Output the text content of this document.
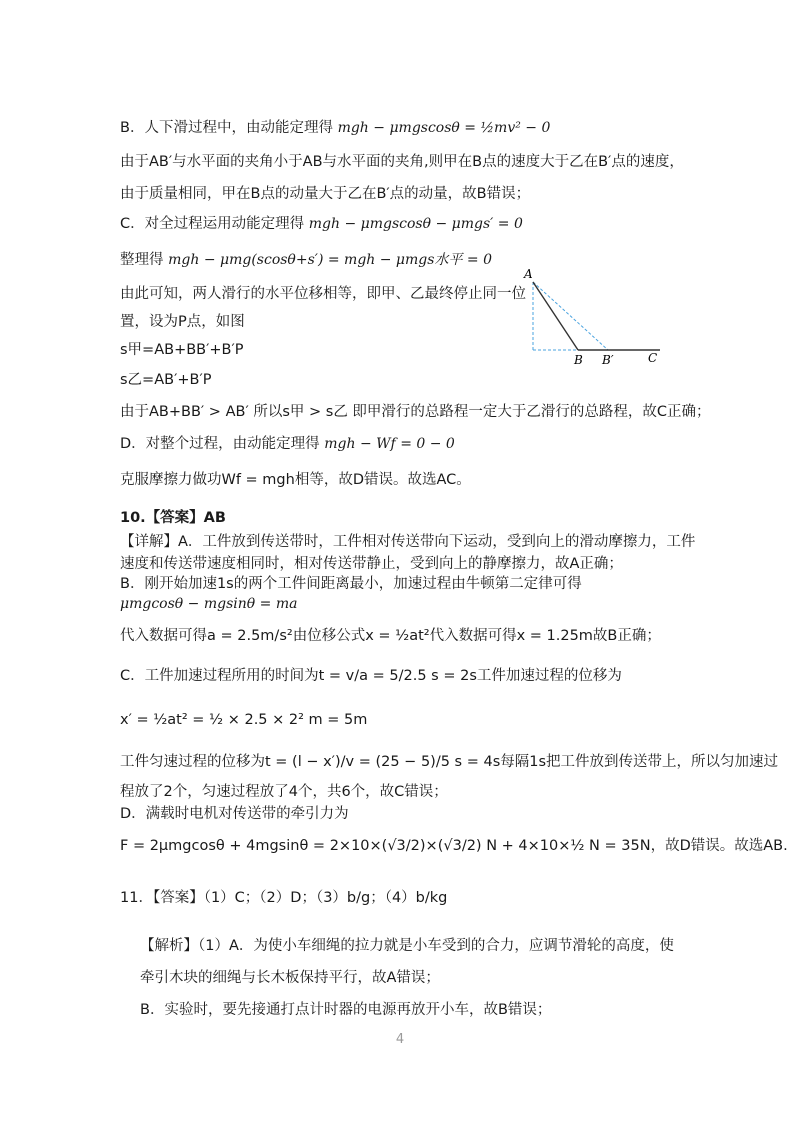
B．人下滑过程中，由动能定理得 mgh − μmgscosθ = ½mv² − 0
由于AB′与水平面的夹角小于AB与水平面的夹角,则甲在B点的速度大于乙在B′点的速度，
由于质量相同，甲在B点的动量大于乙在B′点的动量，故B错误；
C．对全过程运用动能定理得 mgh − μmgscosθ − μmgs′ = 0
整理得 mgh − μmg(scosθ+s′) = mgh − μmgs水平 = 0
由此可知，两人滑行的水平位移相等，即甲、乙最终停止同一位
置，设为P点，如图
s甲=AB+BB′+B′P
s乙=AB′+B′P
由于AB+BB′ > AB′ 所以s甲 > s乙 即甲滑行的总路程一定大于乙滑行的总路程，故C正确；
D．对整个过程，由动能定理得 mgh − Wf = 0 − 0
克服摩擦力做功Wf = mgh相等，故D错误。故选AC。
10.【答案】AB
【详解】A．工件放到传送带时，工件相对传送带向下运动，受到向上的滑动摩擦力，工件
速度和传送带速度相同时，相对传送带静止，受到向上的静摩擦力，故A正确；
B．刚开始加速1s的两个工件间距离最小，加速过程由牛顿第二定律可得
μmgcosθ − mgsinθ = ma
代入数据可得a = 2.5m/s²由位移公式x = ½at²代入数据可得x = 1.25m故B正确；
C．工件加速过程所用的时间为t = v/a = 5/2.5 s = 2s工件加速过程的位移为
x′ = ½at² = ½ × 2.5 × 2² m = 5m
工件匀速过程的位移为t = (l − x′)/v = (25 − 5)/5 s = 4s每隔1s把工件放到传送带上，所以匀加速过
程放了2个，匀速过程放了4个，共6个，故C错误；
D．满载时电机对传送带的牵引力为
F = 2μmgcosθ + 4mgsinθ = 2×10×(√3/2)×(√3/2) N + 4×10×½ N = 35N，故D错误。故选AB.
11．【答案】（1）C；（2）D；（3）b/g；（4）b/kg
【解析】（1）A．为使小车细绳的拉力就是小车受到的合力，应调节滑轮的高度，使
牵引木块的细绳与长木板保持平行，故A错误；
B．实验时，要先接通打点计时器的电源再放开小车，故B错误；
A
B B′	C
4
